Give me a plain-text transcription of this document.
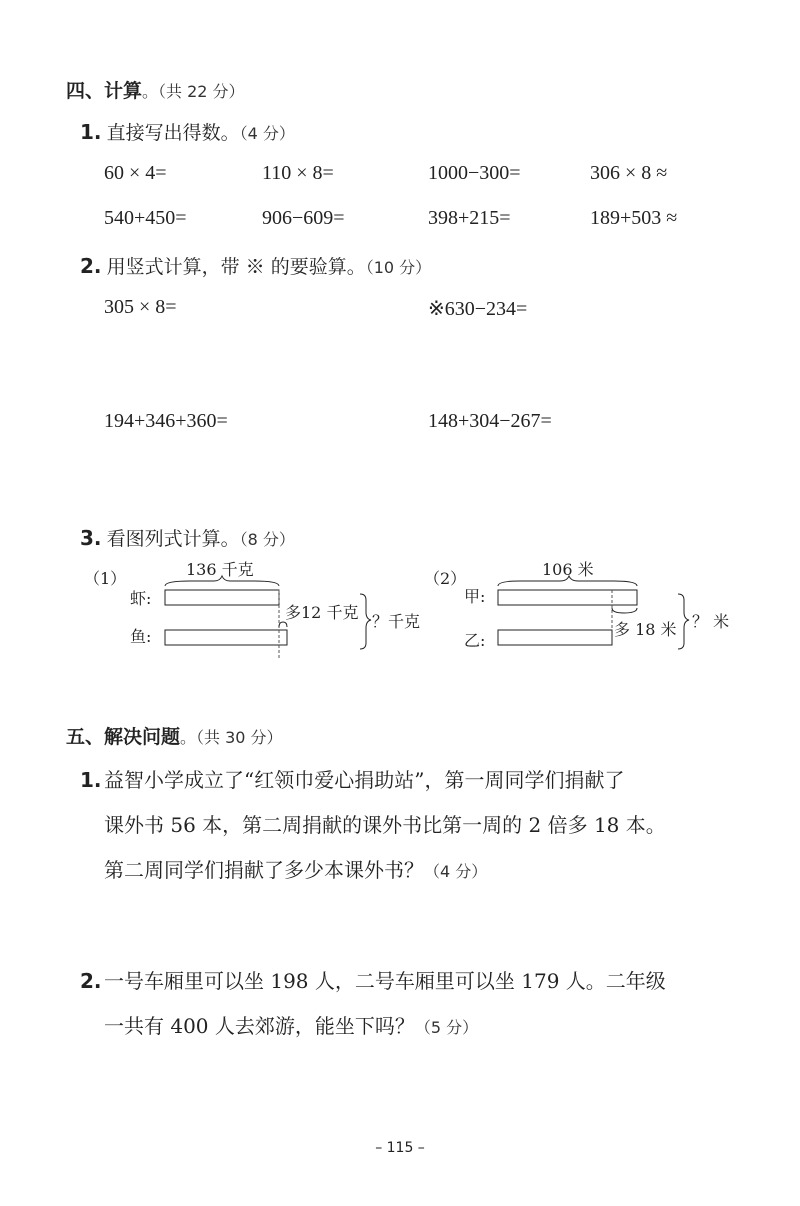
四、计算。（共 22 分）
1. 直接写出得数。（4 分）
60 × 4=	110 × 8=	1000−300=	306 × 8 ≈
540+450=	906−609=	398+215=	189+503 ≈
2. 用竖式计算，带 ※ 的要验算。（10 分）
305 × 8=	※630−234=
194+346+360=	148+304−267=
3. 看图列式计算。（8 分）
（1）	136 千克
虾:
鱼:
多12 千克 ？千克
（2）	106 米
甲:
乙:
多 18 米 ？ 米
五、解决问题。（共 30 分）
1. 益智小学成立了“红领巾爱心捐助站”，第一周同学们捐献了
课外书 56 本，第二周捐献的课外书比第一周的 2 倍多 18 本。
第二周同学们捐献了多少本课外书？（4 分）
2. 一号车厢里可以坐 198 人，二号车厢里可以坐 179 人。二年级
一共有 400 人去郊游，能坐下吗？（5 分）
– 115 –
